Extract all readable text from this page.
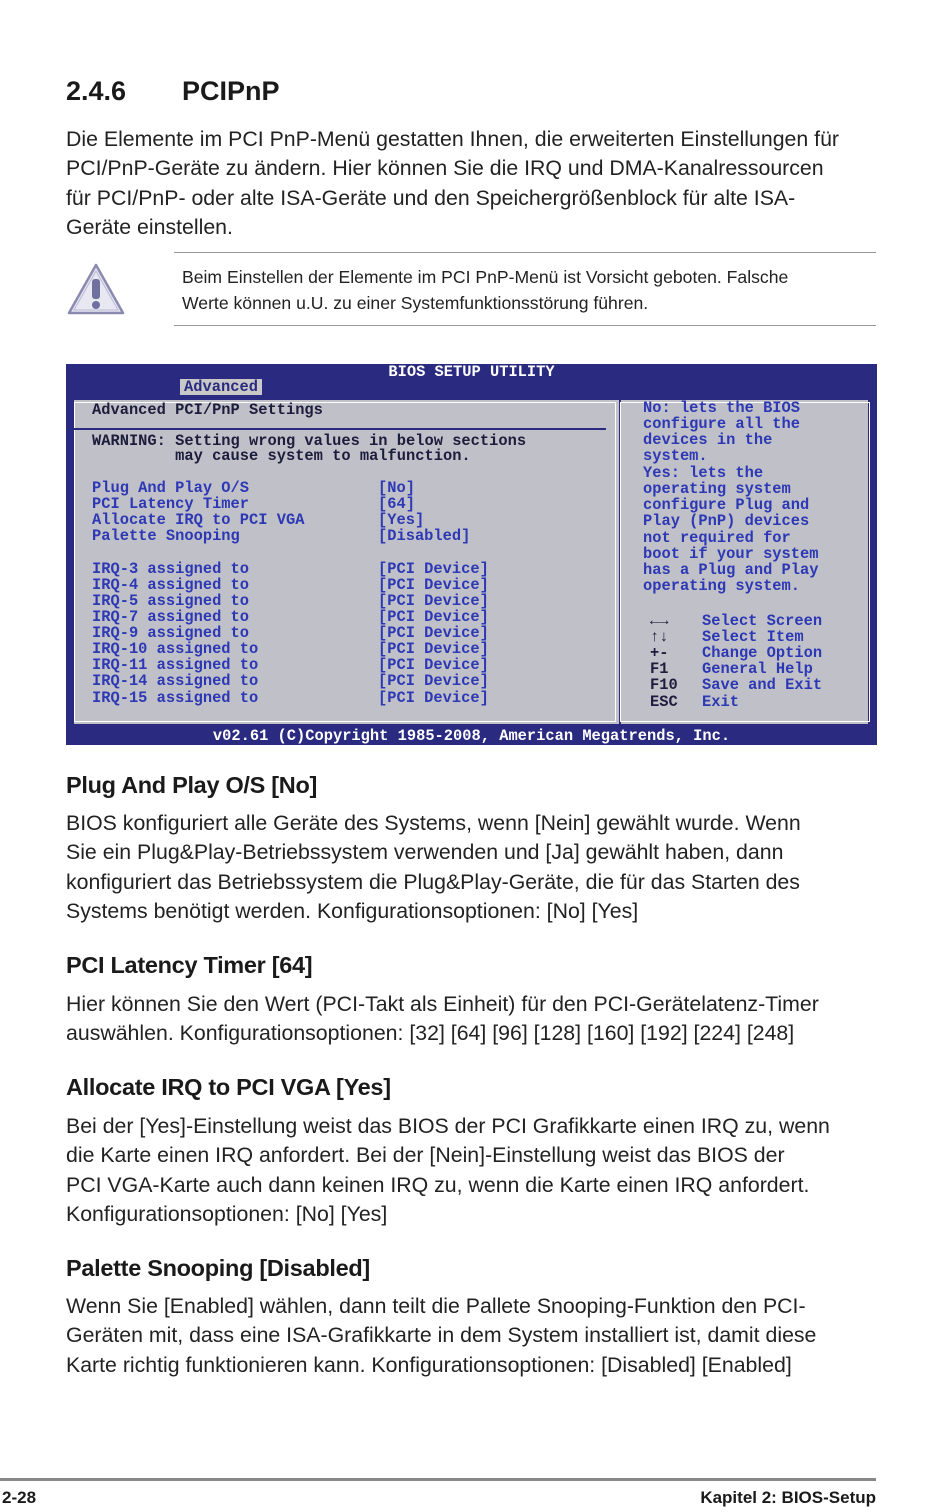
2.4.6 PCIPnP

Die Elemente im PCI PnP-Menü gestatten Ihnen, die erweiterten Einstellungen für
PCI/PnP-Geräte zu ändern. Hier können Sie die IRQ und DMA-Kanalressourcen
für PCI/PnP- oder alte ISA-Geräte und den Speichergrößenblock für alte ISA-
Geräte einstellen.

Beim Einstellen der Elemente im PCI PnP-Menü ist Vorsicht geboten. Falsche
Werte können u.U. zu einer Systemfunktionsstörung führen.
BIOS SETUP UTILITY
Advanced
Advanced PCI/PnP Settings
WARNING: Setting wrong values in below sections
may cause system to malfunction.
Plug And Play O/S	[No]
PCI Latency Timer	[64]
Allocate IRQ to PCI VGA	[Yes]
Palette Snooping	[Disabled]
IRQ-3 assigned to	[PCI Device]
IRQ-4 assigned to	[PCI Device]
IRQ-5 assigned to	[PCI Device]
IRQ-7 assigned to	[PCI Device]
IRQ-9 assigned to	[PCI Device]
IRQ-10 assigned to	[PCI Device]
IRQ-11 assigned to	[PCI Device]
IRQ-14 assigned to	[PCI Device]
IRQ-15 assigned to	[PCI Device]
No: lets the BIOS
configure all the
devices in the
system.
Yes: lets the
operating system
configure Plug and
Play (PnP) devices
not required for
boot if your system
has a Plug and Play
operating system.
←→ Select Screen
↑↓ Select Item
+- Change Option
F1 General Help
F10 Save and Exit
ESC Exit
v02.61 (C)Copyright 1985-2008, American Megatrends, Inc.
Plug And Play O/S [No]

BIOS konfiguriert alle Geräte des Systems, wenn [Nein] gewählt wurde. Wenn
Sie ein Plug&Play-Betriebssystem verwenden und [Ja] gewählt haben, dann
konfiguriert das Betriebssystem die Plug&Play-Geräte, die für das Starten des
Systems benötigt werden. Konfigurationsoptionen: [No] [Yes]

PCI Latency Timer [64]

Hier können Sie den Wert (PCI-Takt als Einheit) für den PCI-Gerätelatenz-Timer
auswählen. Konfigurationsoptionen: [32] [64] [96] [128] [160] [192] [224] [248]

Allocate IRQ to PCI VGA [Yes]

Bei der [Yes]-Einstellung weist das BIOS der PCI Grafikkarte einen IRQ zu, wenn
die Karte einen IRQ anfordert. Bei der [Nein]-Einstellung weist das BIOS der
PCI VGA-Karte auch dann keinen IRQ zu, wenn die Karte einen IRQ anfordert.
Konfigurationsoptionen: [No] [Yes]

Palette Snooping [Disabled]

Wenn Sie [Enabled] wählen, dann teilt die Pallete Snooping-Funktion den PCI-
Geräten mit, dass eine ISA-Grafikkarte in dem System installiert ist, damit diese
Karte richtig funktionieren kann. Konfigurationsoptionen: [Disabled] [Enabled]

2-28	Kapitel 2: BIOS-Setup
